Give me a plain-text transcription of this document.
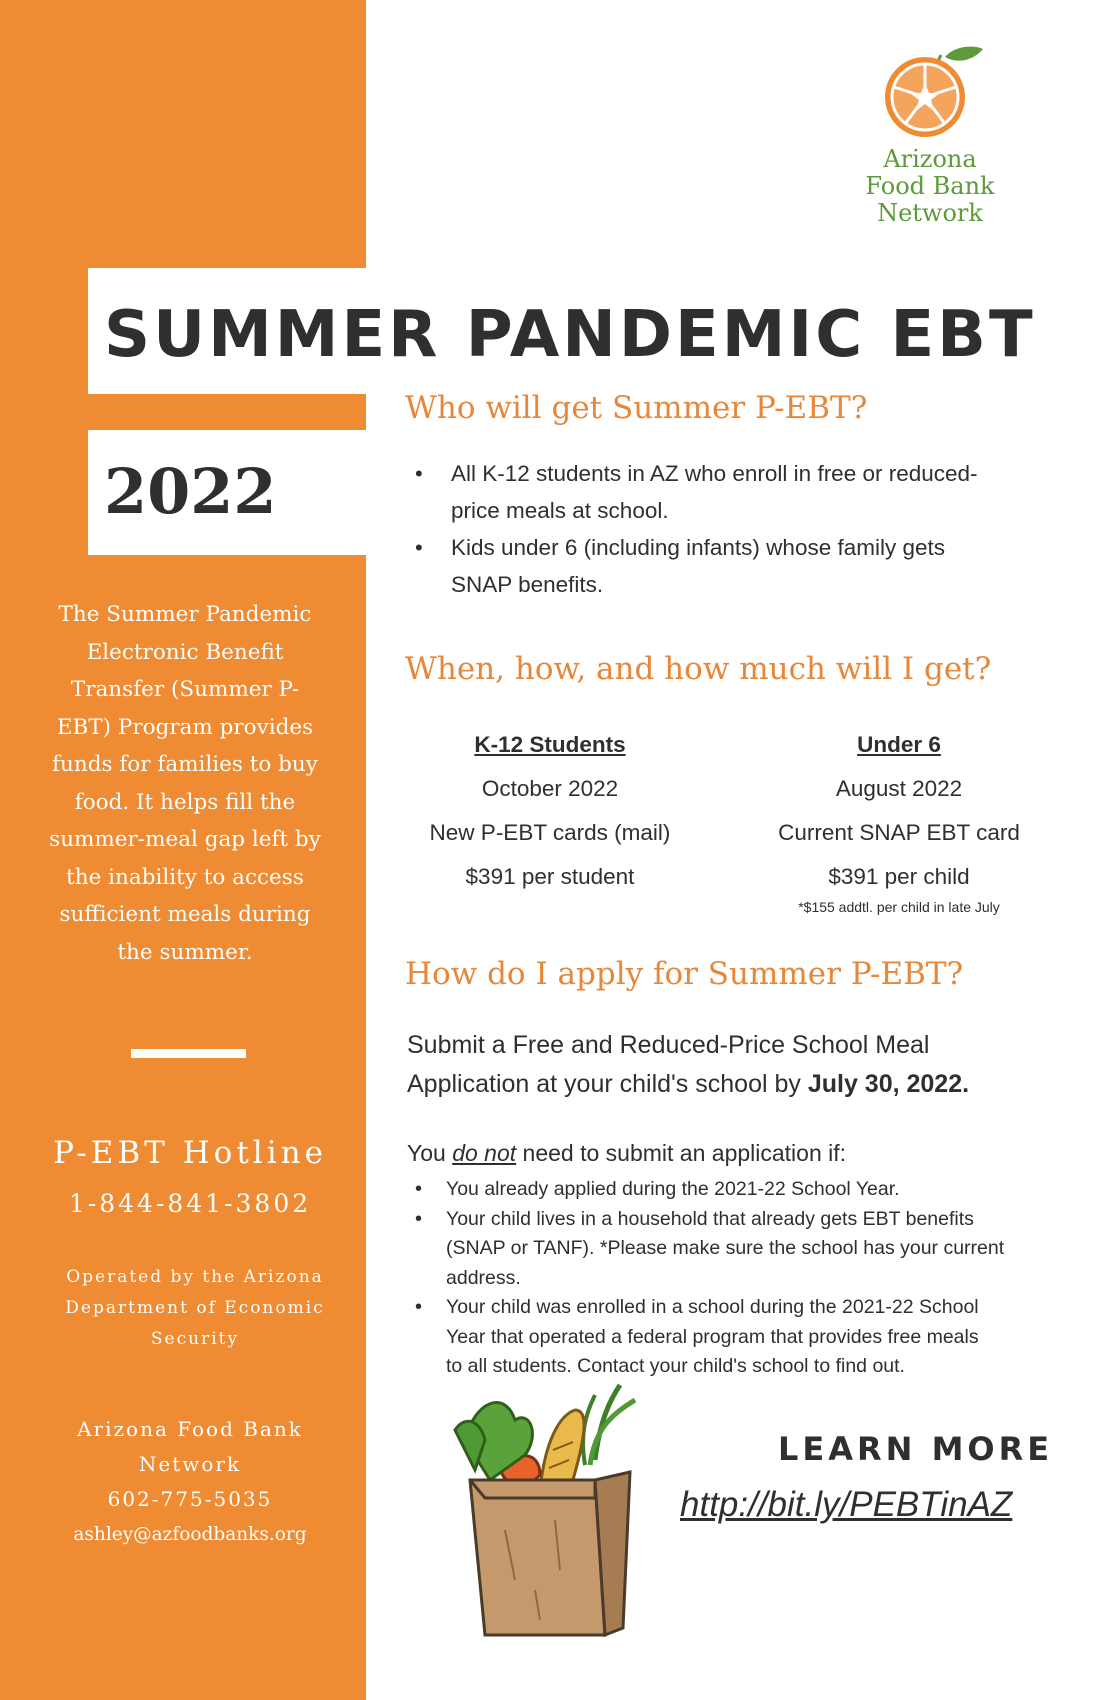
Arizona
Food Bank
Network
SUMMER PANDEMIC EBT
2022
The Summer Pandemic
Electronic Benefit
Transfer (Summer P-
EBT) Program provides
funds for families to buy
food. It helps fill the
summer-meal gap left by
the inability to access
sufficient meals during
the summer.
P-EBT Hotline
1-844-841-3802
Operated by the Arizona
Department of Economic
Security
Arizona Food Bank
Network
602-775-5035
ashley@azfoodbanks.org
Who will get Summer P-EBT?
• All K-12 students in AZ who enroll in free or reduced-
price meals at school.
• Kids under 6 (including infants) whose family gets
SNAP benefits.
When, how, and how much will I get?
K-12 Students
October 2022
New P-EBT cards (mail)
$391 per student
Under 6
August 2022
Current SNAP EBT card
$391 per child
*$155 addtl. per child in late July
How do I apply for Summer P-EBT?
Submit a Free and Reduced-Price School Meal
Application at your child's school by July 30, 2022.
You do not need to submit an application if:
• You already applied during the 2021-22 School Year.
• Your child lives in a household that already gets EBT benefits
(SNAP or TANF). *Please make sure the school has your current
address.
• Your child was enrolled in a school during the 2021-22 School
Year that operated a federal program that provides free meals
to all students. Contact your child's school to find out.
LEARN MORE
http://bit.ly/PEBTinAZ
